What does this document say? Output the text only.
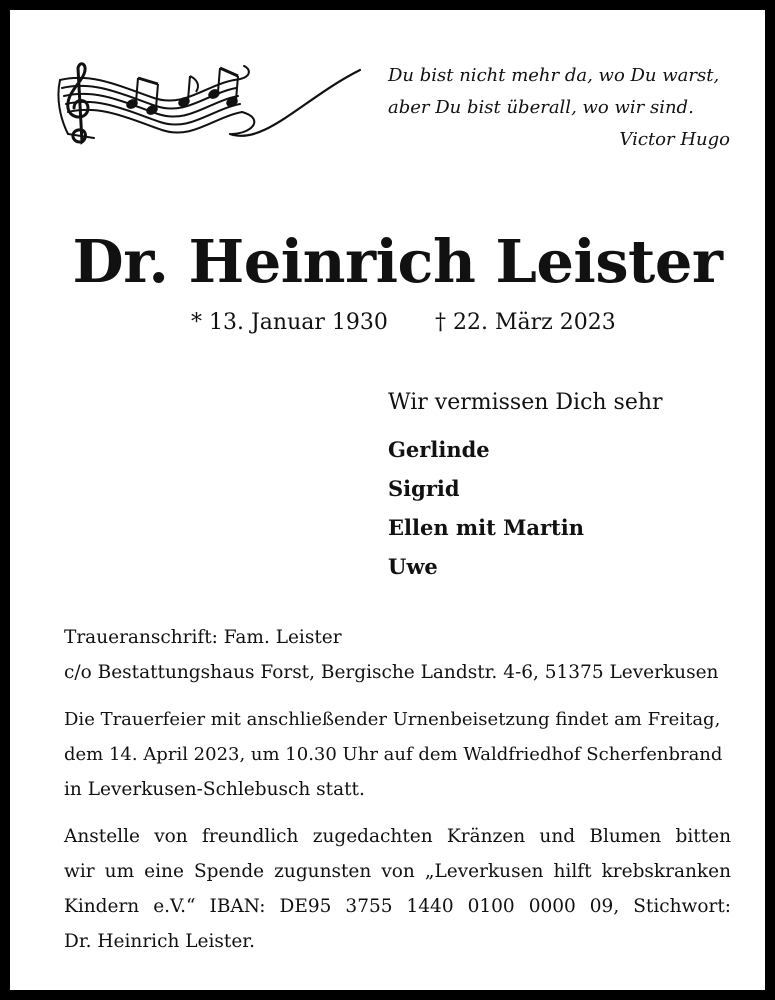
Du bist nicht mehr da, wo Du warst,
aber Du bist überall, wo wir sind.
Victor Hugo
Dr. Heinrich Leister
* 13. Januar 1930 † 22. März 2023
Wir vermissen Dich sehr
Gerlinde
Sigrid
Ellen mit Martin
Uwe

Traueranschrift: Fam. Leister
c/o Bestattungshaus Forst, Bergische Landstr. 4-6, 51375 Leverkusen

Die Trauerfeier mit anschließender Urnenbeisetzung findet am Freitag,
dem 14. April 2023, um 10.30 Uhr auf dem Waldfriedhof Scherfenbrand
in Leverkusen-Schlebusch statt.

Anstelle von freundlich zugedachten Kränzen und Blumen bitten
wir um eine Spende zugunsten von „Leverkusen hilft krebskranken
Kindern e.V.“ IBAN: DE95 3755 1440 0100 0000 09, Stichwort:
Dr. Heinrich Leister.
